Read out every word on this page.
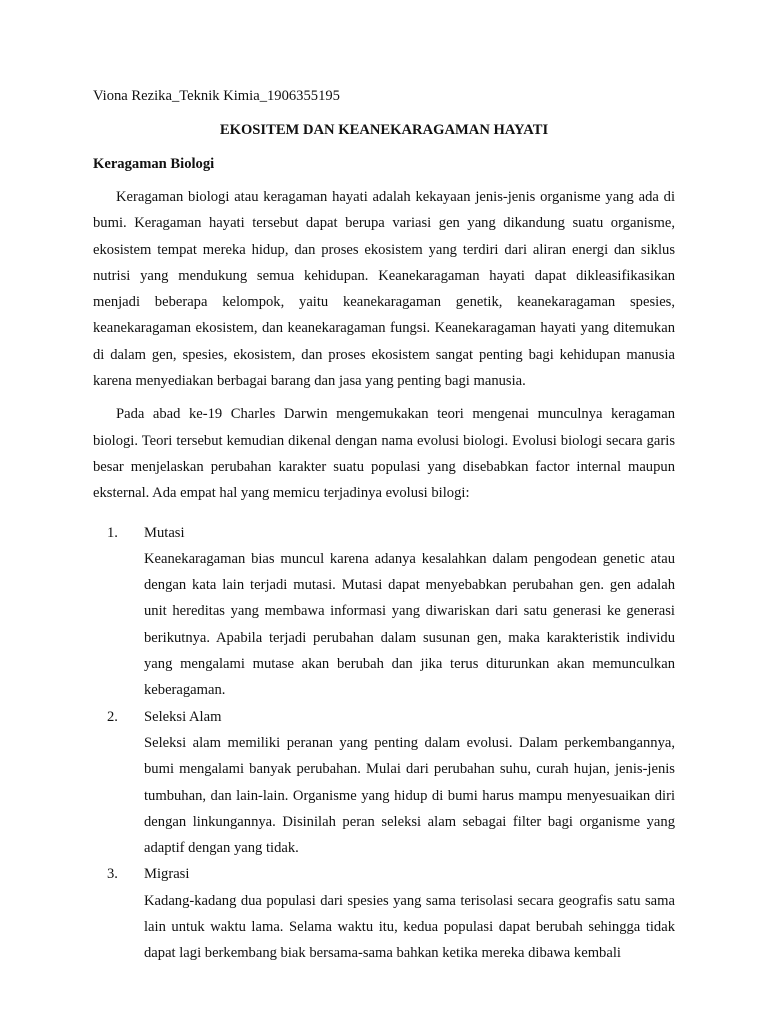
Viona Rezika_Teknik Kimia_1906355195

EKOSITEM DAN KEANEKARAGAMAN HAYATI

Keragaman Biologi

Keragaman biologi atau keragaman hayati adalah kekayaan jenis-jenis organisme yang ada di bumi. Keragaman hayati tersebut dapat berupa variasi gen yang dikandung suatu organisme, ekosistem tempat mereka hidup, dan proses ekosistem yang terdiri dari aliran energi dan siklus nutrisi yang mendukung semua kehidupan. Keanekaragaman hayati dapat dikleasifikasikan menjadi beberapa kelompok, yaitu keanekaragaman genetik, keanekaragaman spesies, keanekaragaman ekosistem, dan keanekaragaman fungsi. Keanekaragaman hayati yang ditemukan di dalam gen, spesies, ekosistem, dan proses ekosistem sangat penting bagi kehidupan manusia karena menyediakan berbagai barang dan jasa yang penting bagi manusia.

Pada abad ke-19 Charles Darwin mengemukakan teori mengenai munculnya keragaman biologi. Teori tersebut kemudian dikenal dengan nama evolusi biologi. Evolusi biologi secara garis besar menjelaskan perubahan karakter suatu populasi yang disebabkan factor internal maupun eksternal. Ada empat hal yang memicu terjadinya evolusi bilogi:

1. Mutasi

Keanekaragaman bias muncul karena adanya kesalahkan dalam pengodean genetic atau dengan kata lain terjadi mutasi. Mutasi dapat menyebabkan perubahan gen. gen adalah unit hereditas yang membawa informasi yang diwariskan dari satu generasi ke generasi berikutnya. Apabila terjadi perubahan dalam susunan gen, maka karakteristik individu yang mengalami mutase akan berubah dan jika terus diturunkan akan memunculkan keberagaman.

2. Seleksi Alam

Seleksi alam memiliki peranan yang penting dalam evolusi. Dalam perkembangannya, bumi mengalami banyak perubahan. Mulai dari perubahan suhu, curah hujan, jenis-jenis tumbuhan, dan lain-lain. Organisme yang hidup di bumi harus mampu menyesuaikan diri dengan linkungannya. Disinilah peran seleksi alam sebagai filter bagi organisme yang adaptif dengan yang tidak.

3. Migrasi

Kadang-kadang dua populasi dari spesies yang sama terisolasi secara geografis satu sama lain untuk waktu lama. Selama waktu itu, kedua populasi dapat berubah sehingga tidak dapat lagi berkembang biak bersama-sama bahkan ketika mereka dibawa kembali
